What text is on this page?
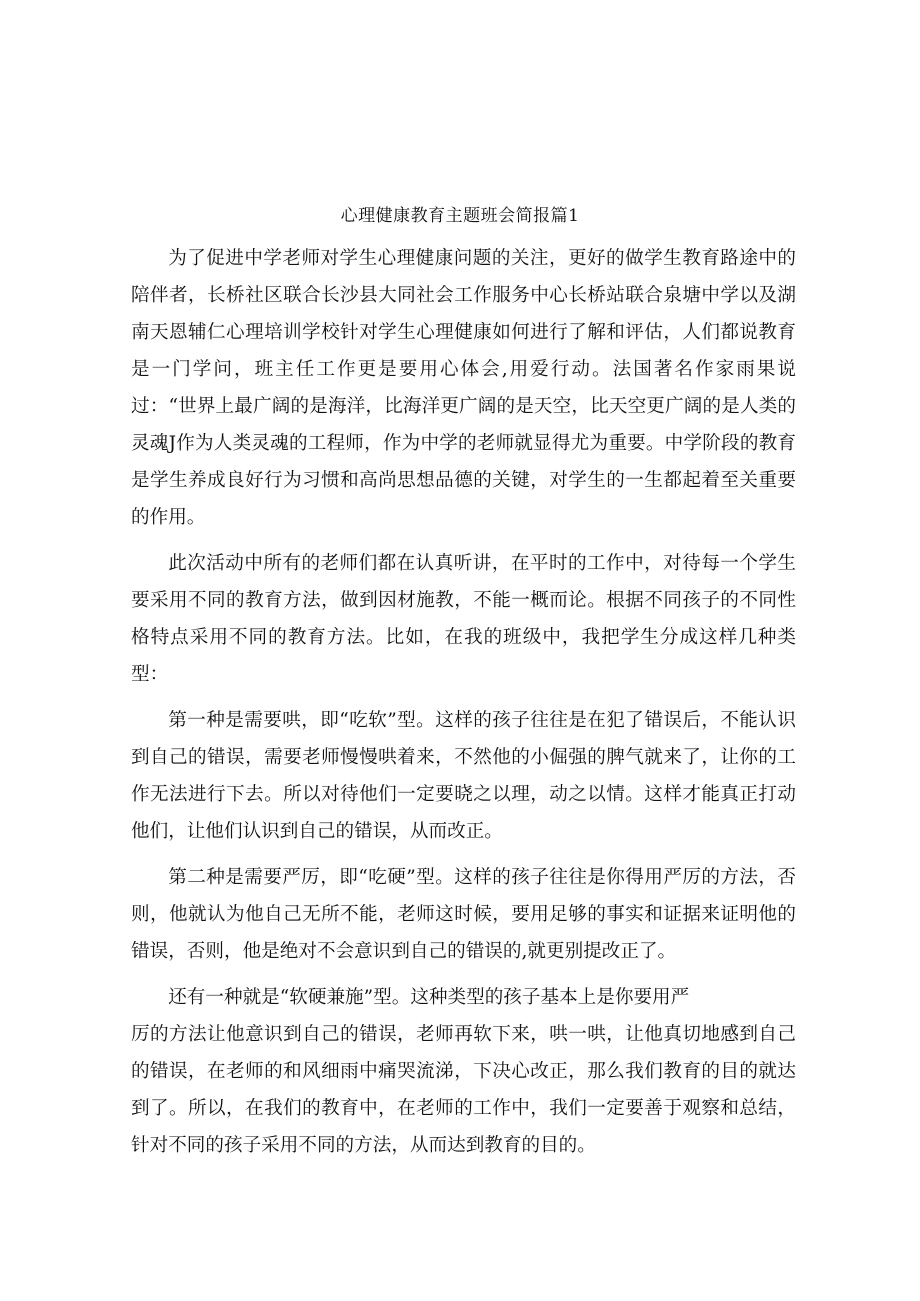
心理健康教育主题班会简报篇1

为了促进中学老师对学生心理健康问题的关注，更好的做学生教育路途中的陪伴者，长桥社区联合长沙县大同社会工作服务中心长桥站联合泉塘中学以及湖南天恩辅仁心理培训学校针对学生心理健康如何进行了解和评估，人们都说教育是一门学问，班主任工作更是要用心体会,用爱行动。法国著名作家雨果说过：“世界上最广阔的是海洋，比海洋更广阔的是天空，比天空更广阔的是人类的灵魂J作为人类灵魂的工程师，作为中学的老师就显得尤为重要。中学阶段的教育是学生养成良好行为习惯和高尚思想品德的关键，对学生的一生都起着至关重要的作用。

此次活动中所有的老师们都在认真听讲，在平时的工作中，对待每一个学生要采用不同的教育方法，做到因材施教，不能一概而论。根据不同孩子的不同性格特点采用不同的教育方法。比如，在我的班级中，我把学生分成这样几种类型：

第一种是需要哄，即“吃软”型。这样的孩子往往是在犯了错误后，不能认识到自己的错误，需要老师慢慢哄着来，不然他的小倔强的脾气就来了，让你的工作无法进行下去。所以对待他们一定要晓之以理，动之以情。这样才能真正打动他们，让他们认识到自己的错误，从而改正。

第二种是需要严厉，即“吃硬”型。这样的孩子往往是你得用严厉的方法，否则，他就认为他自己无所不能，老师这时候，要用足够的事实和证据来证明他的错误，否则，他是绝对不会意识到自己的错误的,就更别提改正了。

还有一种就是“软硬兼施”型。这种类型的孩子基本上是你要用严

厉的方法让他意识到自己的错误，老师再软下来，哄一哄，让他真切地感到自己的错误，在老师的和风细雨中痛哭流涕，下决心改正，那么我们教育的目的就达到了。所以，在我们的教育中，在老师的工作中，我们一定要善于观察和总结，针对不同的孩子采用不同的方法，从而达到教育的目的。
